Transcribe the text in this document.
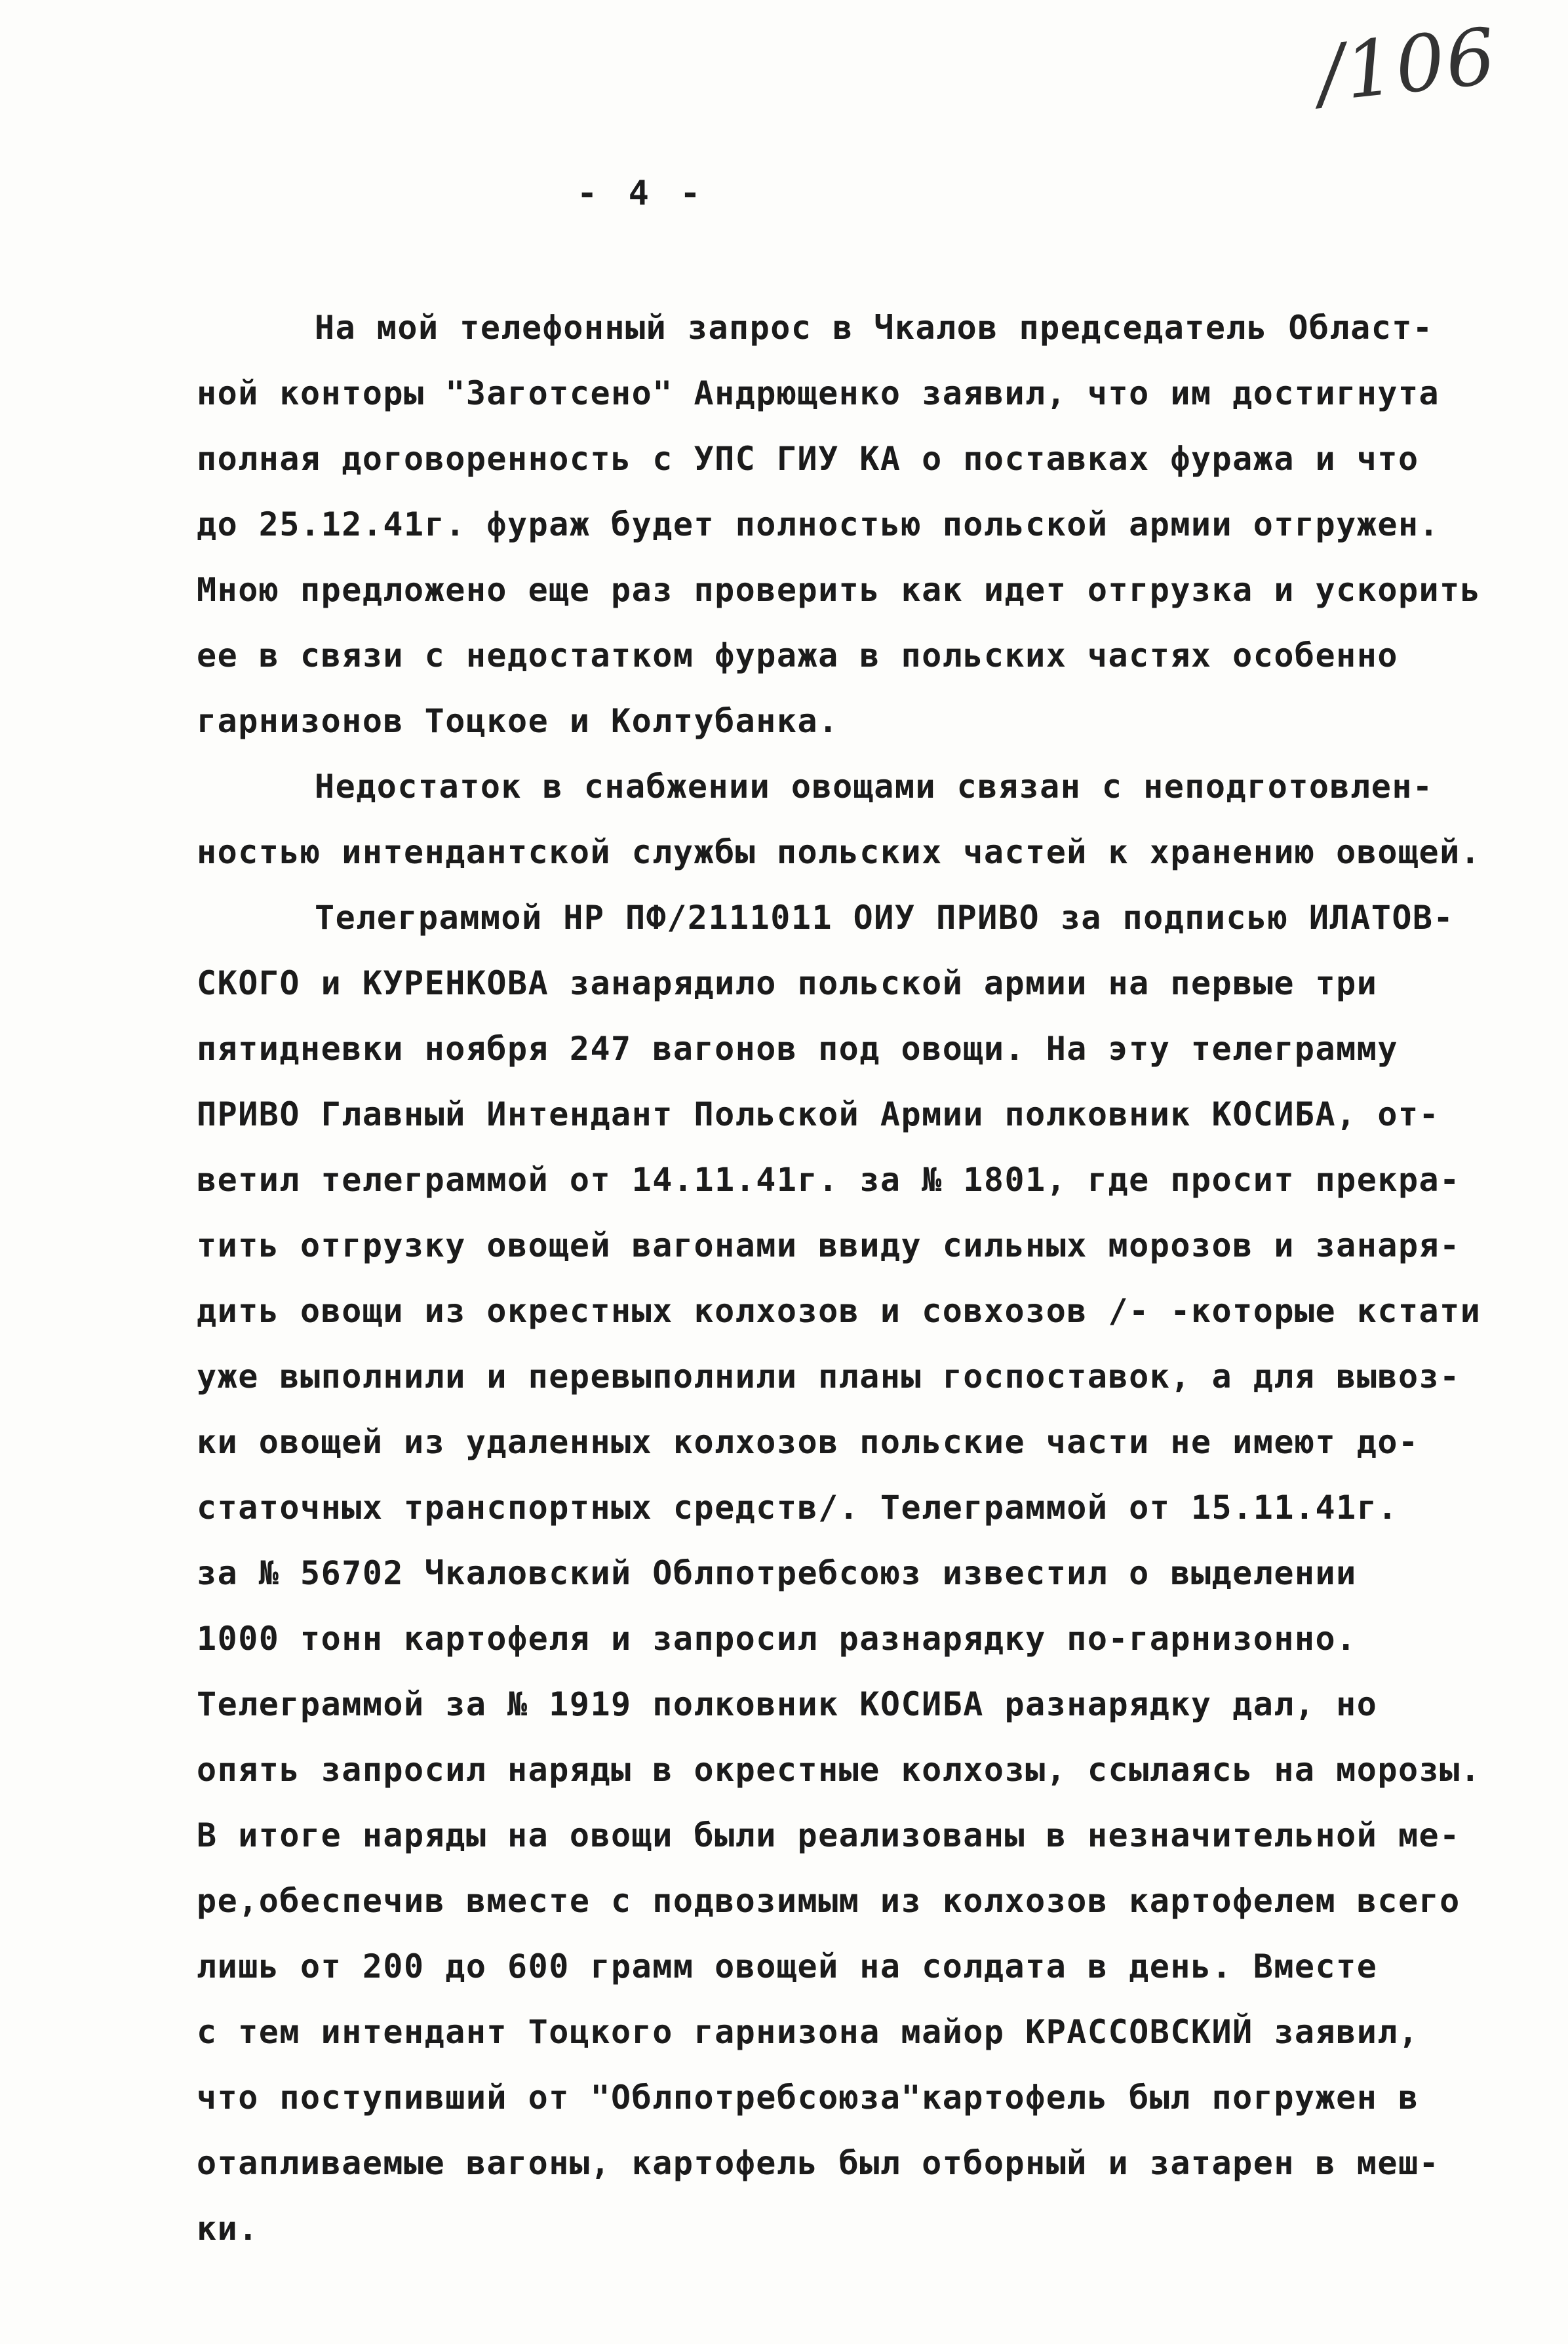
/106
- 4 -
На мой телефонный запрос в Чкалов председатель Област-
ной конторы "Заготсено" Андрющенко заявил, что им достигнута
полная договоренность с УПС ГИУ КА о поставках фуража и что
до 25.12.41г. фураж будет полностью польской армии отгружен.
Мною предложено еще раз проверить как идет отгрузка и ускорить
ее в связи с недостатком фуража в польских частях особенно
гарнизонов Тоцкое и Колтубанка.
Недостаток в снабжении овощами связан с неподготовлен-
ностью интендантской службы польских частей к хранению овощей.
Телеграммой НР ПФ/2111011 ОИУ ПРИВО за подписью ИЛАТОВ-
СКОГО и КУРЕНКОВА занарядило польской армии на первые три
пятидневки ноября 247 вагонов под овощи. На эту телеграмму
ПРИВО Главный Интендант Польской Армии полковник КОСИБА, от-
ветил телеграммой от 14.11.41г. за № 1801, где просит прекра-
тить отгрузку овощей вагонами ввиду сильных морозов и занаря-
дить овощи из окрестных колхозов и совхозов /- -которые кстати
уже выполнили и перевыполнили планы госпоставок, а для вывоз-
ки овощей из удаленных колхозов польские части не имеют до-
статочных транспортных средств/. Телеграммой от 15.11.41г.
за № 56702 Чкаловский Облпотребсоюз известил о выделении
1000 тонн картофеля и запросил разнарядку по-гарнизонно.
Телеграммой за № 1919 полковник КОСИБА разнарядку дал, но
опять запросил наряды в окрестные колхозы, ссылаясь на морозы.
В итоге наряды на овощи были реализованы в незначительной ме-
ре,обеспечив вместе с подвозимым из колхозов картофелем всего
лишь от 200 до 600 грамм овощей на солдата в день. Вместе
с тем интендант Тоцкого гарнизона майор КРАССОВСКИЙ заявил,
что поступивший от "Облпотребсоюза"картофель был погружен в
отапливаемые вагоны, картофель был отборный и затарен в меш-
ки.
